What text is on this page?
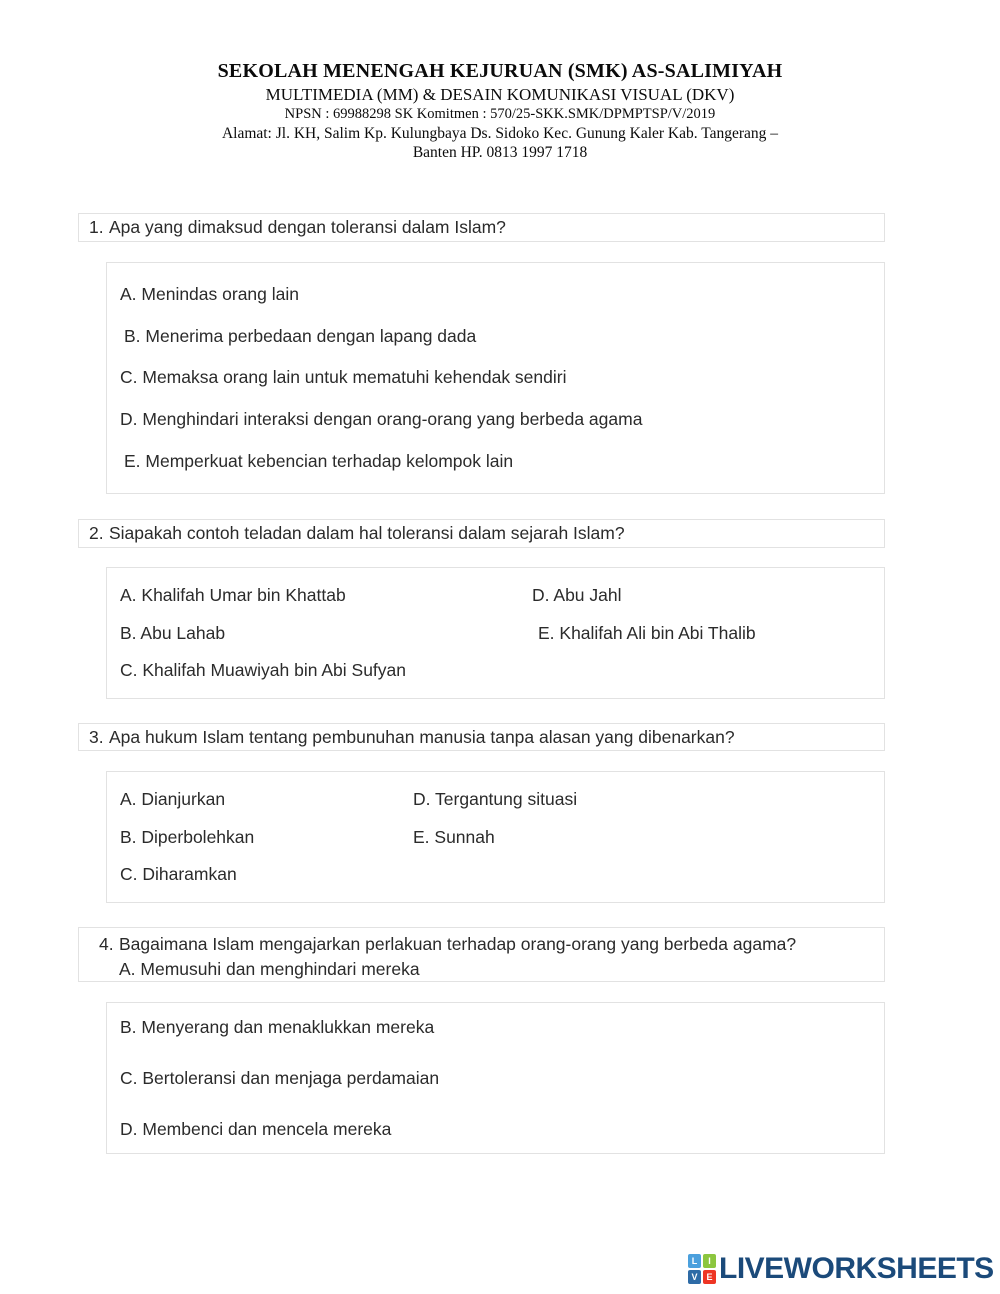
SEKOLAH MENENGAH KEJURUAN (SMK) AS-SALIMIYAH
MULTIMEDIA (MM) & DESAIN KOMUNIKASI VISUAL (DKV)
NPSN : 69988298 SK Komitmen : 570/25-SKK.SMK/DPMPTSP/V/2019
Alamat: Jl. KH, Salim Kp. Kulungbaya Ds. Sidoko Kec. Gunung Kaler Kab. Tangerang –
Banten HP. 0813 1997 1718
1. Apa yang dimaksud dengan toleransi dalam Islam?
A. Menindas orang lain
B. Menerima perbedaan dengan lapang dada
C. Memaksa orang lain untuk mematuhi kehendak sendiri
D. Menghindari interaksi dengan orang-orang yang berbeda agama
E. Memperkuat kebencian terhadap kelompok lain
2. Siapakah contoh teladan dalam hal toleransi dalam sejarah Islam?
A. Khalifah Umar bin Khattab	D. Abu Jahl
B. Abu Lahab	E. Khalifah Ali bin Abi Thalib
C. Khalifah Muawiyah bin Abi Sufyan
3. Apa hukum Islam tentang pembunuhan manusia tanpa alasan yang dibenarkan?
A. Dianjurkan	D. Tergantung situasi
B. Diperbolehkan	E. Sunnah
C. Diharamkan
4. Bagaimana Islam mengajarkan perlakuan terhadap orang-orang yang berbeda agama?
A. Memusuhi dan menghindari mereka
B. Menyerang dan menaklukkan mereka
C. Bertoleransi dan menjaga perdamaian
D. Membenci dan mencela mereka
L	I
V E LIVEWORKSHEETS
